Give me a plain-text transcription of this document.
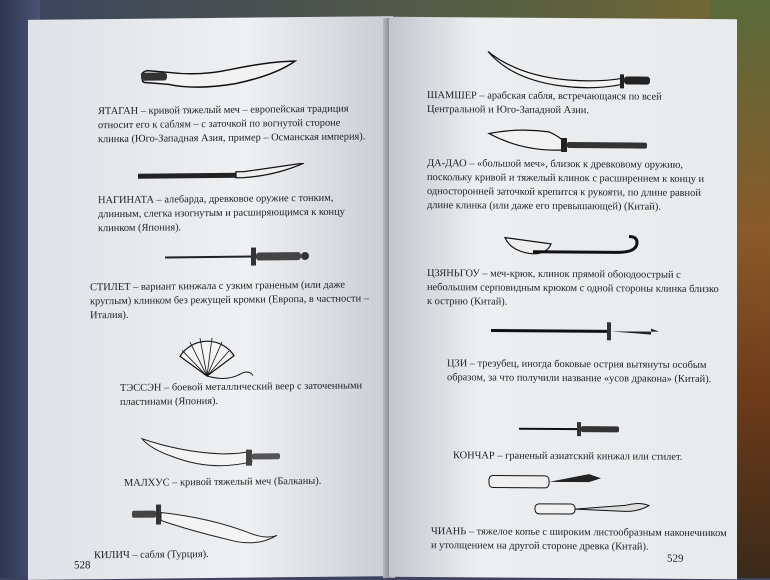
ЯТАГАН – кривой тяжелый меч – европейская традиция относит его к саблям – с заточкой по вогнутой стороне клинка (Юго-Западная Азия, пример – Османская империя).
НАГИНАТА – алебарда, древковое оружие с тонким, длинным, слегка изогнутым и расширяющимся к концу клинком (Япония).
СТИЛЕТ – вариант кинжала с узким граненым (или даже круглым) клинком без режущей кромки (Европа, в частности – Италия).
ТЭССЭН – боевой металлический веер с заточенными пластинами (Япония).
МАЛХУС – кривой тяжелый меч (Балканы).
КИЛИЧ – сабля (Турция).
528
ШАМШЕР – арабская сабля, встречающаяся по всей Центральной и Юго-Западной Азии.
ДА-ДАО – «большой меч», близок к древковому оружию, поскольку кривой и тяжелый клинок с расширением к концу и односторонней заточкой крепится к рукояти, по длине равной длине клинка (или даже его превышающей) (Китай).
ЦЗЯНЬГОУ – меч-крюк, клинок прямой обоюдоострый с небольшим серповидным крюком с одной стороны клинка близко к острию (Китай).
ЦЗИ – трезубец, иногда боковые острия вытянуты особым образом, за что получили название «усов дракона» (Китай).
КОНЧАР – граненый азиатский кинжал или стилет.
ЧИАНЬ – тяжелое копье с широким листообразным наконечником и утолщением на другой стороне древка (Китай).
529
